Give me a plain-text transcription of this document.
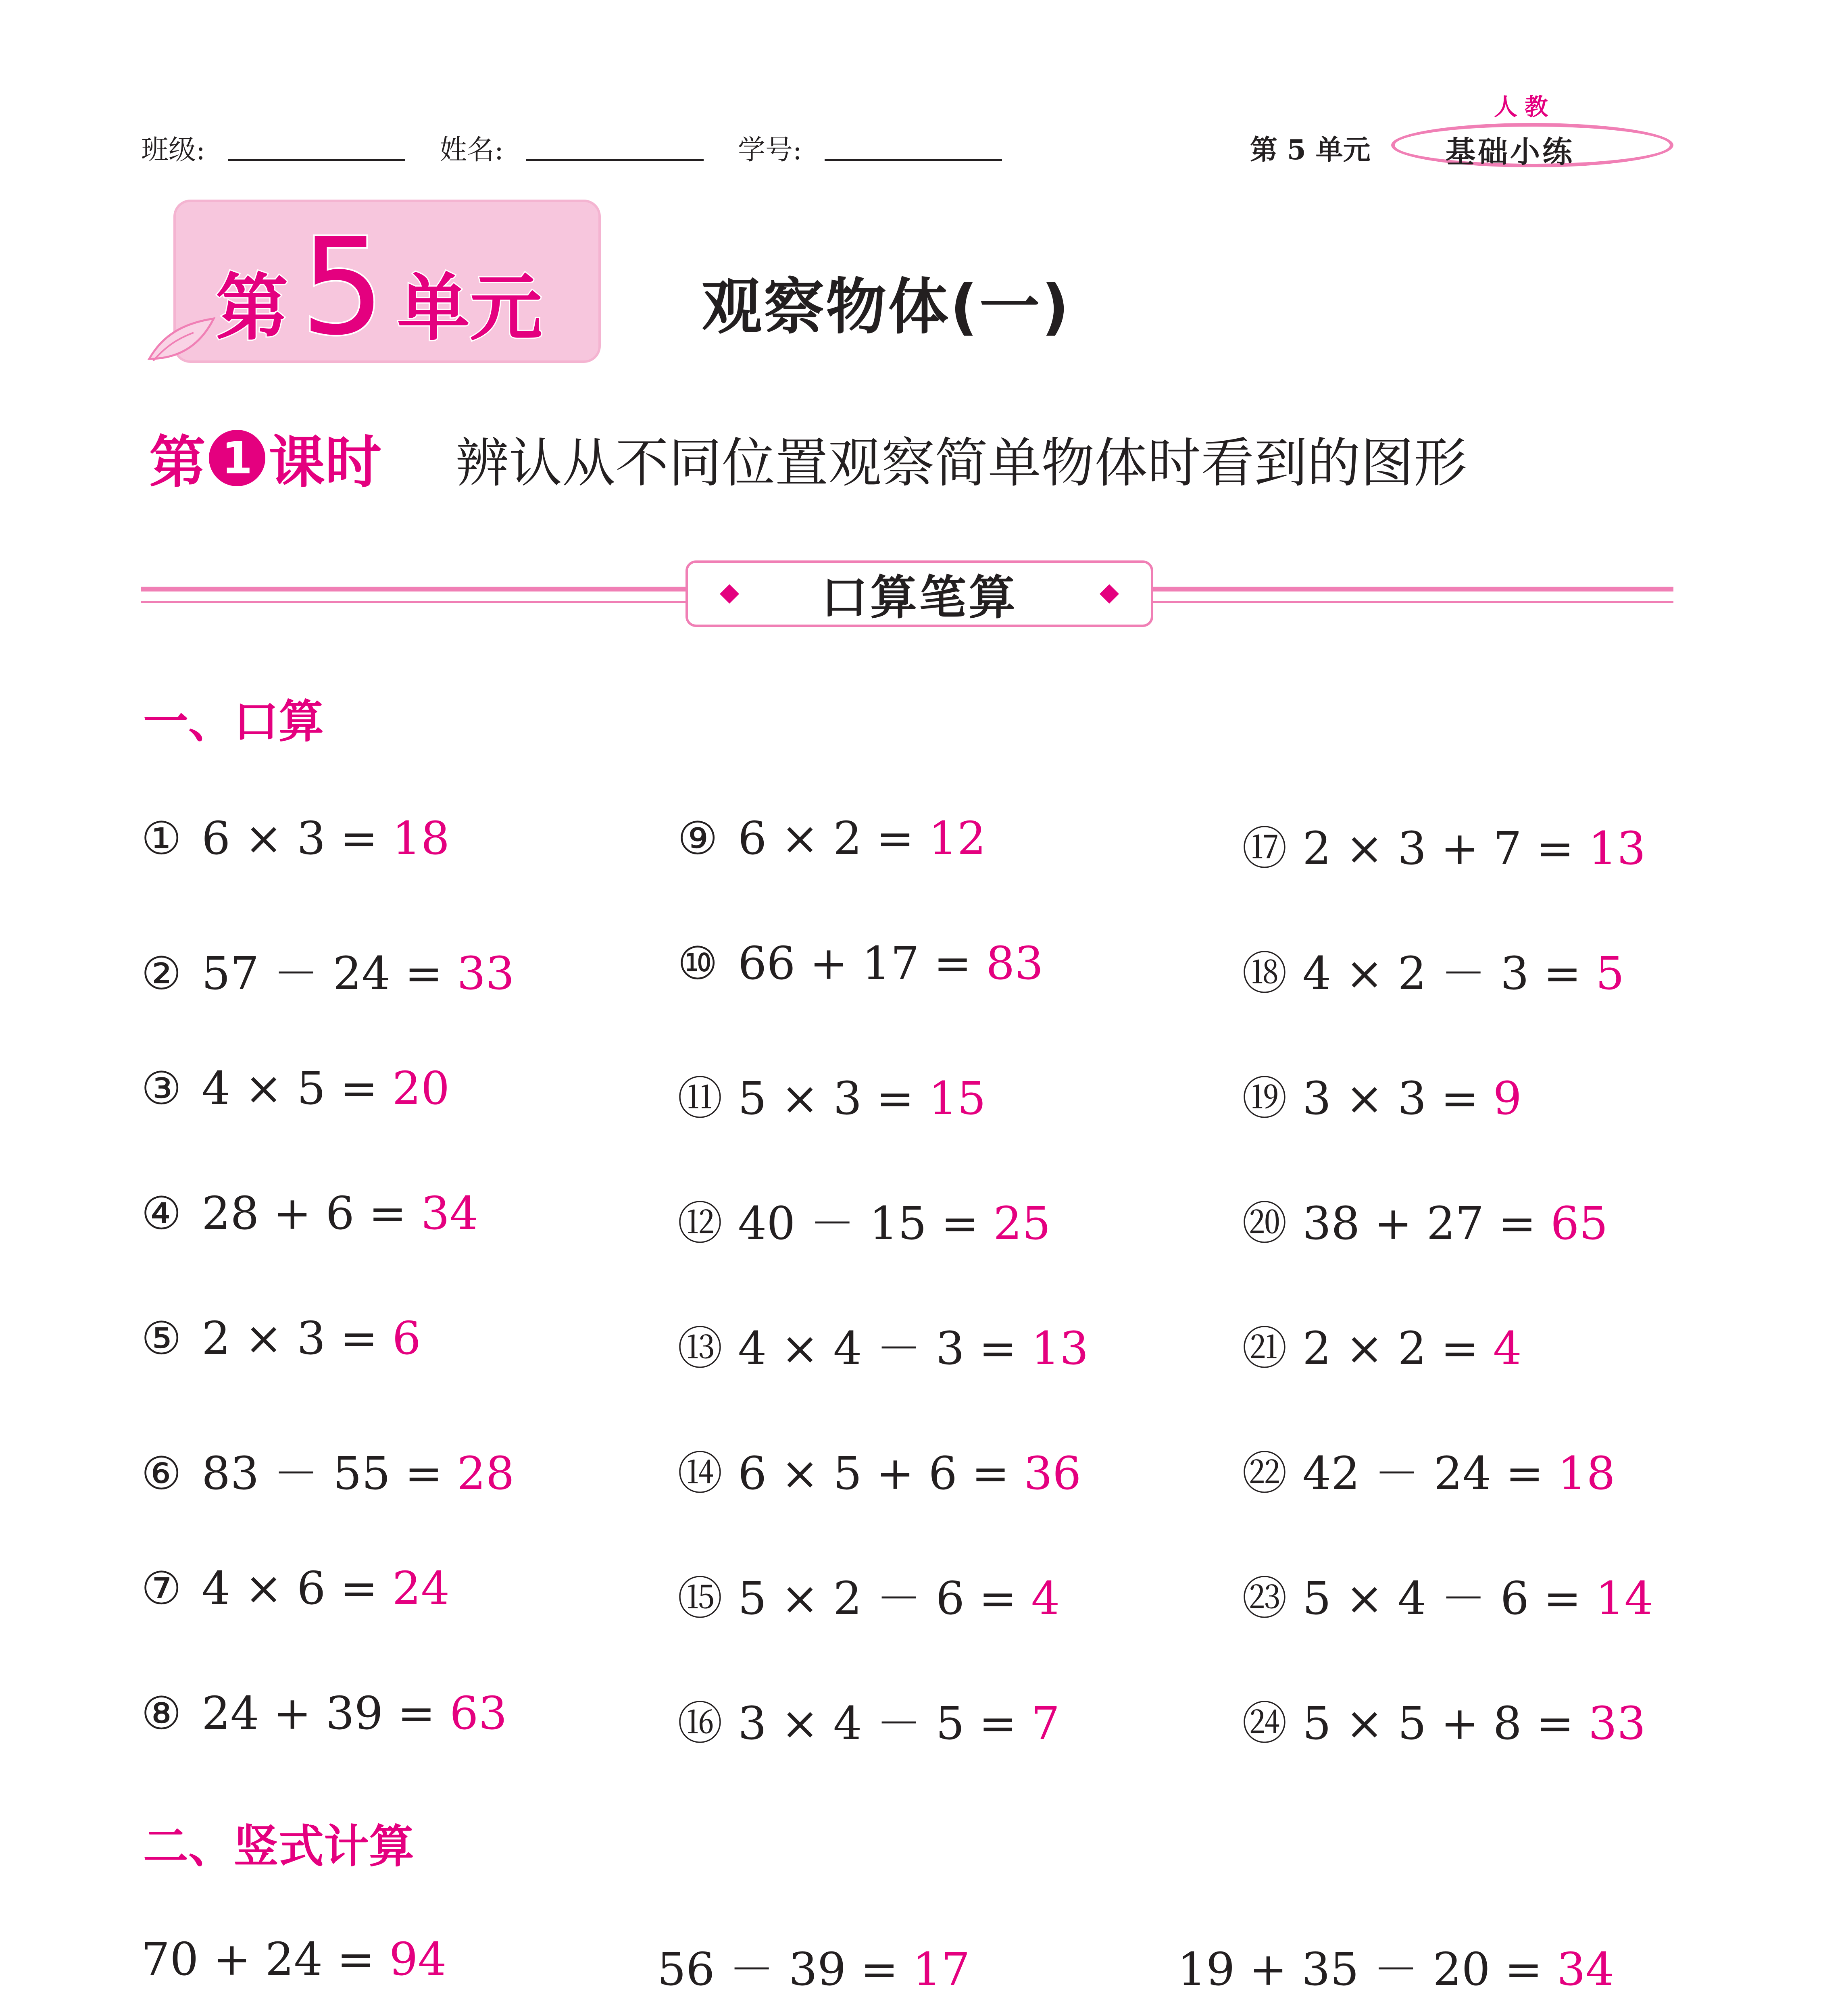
班级:	姓名:	学号:	第 5 单元
人教
基础小练
第 5 单元	观察物体(一)
第 1 课时 辨认从不同位置观察简单物体时看到的图形
口算笔算
一、口算
① 6 × 3 = 18
② 57 － 24 = 33
③ 4 × 5 = 20
④ 28 + 6 = 34
⑤ 2 × 3 = 6
⑥ 83 － 55 = 28
⑦ 4 × 6 = 24
⑧ 24 + 39 = 63
⑨ 6 × 2 = 12
⑩ 66 + 17 = 83
⑪ 5 × 3 = 15
⑫ 40 － 15 = 25
⑬ 4 × 4 － 3 = 13
⑭ 6 × 5 + 6 = 36
⑮ 5 × 2 － 6 = 4
⑯ 3 × 4 － 5 = 7
⑰ 2 × 3 + 7 = 13
⑱ 4 × 2 － 3 = 5
⑲ 3 × 3 = 9
⑳ 38 + 27 = 65
㉑ 2 × 2 = 4
㉒ 42 － 24 = 18
㉓ 5 × 4 － 6 = 14
㉔ 5 × 5 + 8 = 33
二、竖式计算
70 + 24 = 94	56 － 39 = 17	19 + 35 － 20 = 34
